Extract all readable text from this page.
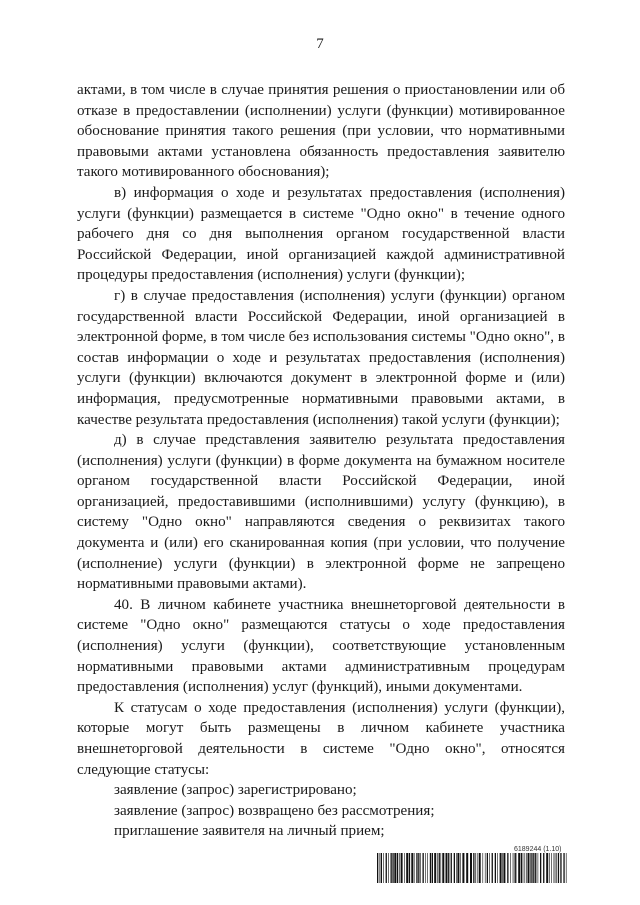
7

актами, в том числе в случае принятия решения о приостановлении или об отказе в предоставлении (исполнении) услуги (функции) мотивированное обоснование принятия такого решения (при условии, что нормативными правовыми актами установлена обязанность предоставления заявителю такого мотивированного обоснования);

в) информация о ходе и результатах предоставления (исполнения) услуги (функции) размещается в системе "Одно окно" в течение одного рабочего дня со дня выполнения органом государственной власти Российской Федерации, иной организацией каждой административной процедуры предоставления (исполнения) услуги (функции);

г) в случае предоставления (исполнения) услуги (функции) органом государственной власти Российской Федерации, иной организацией в электронной форме, в том числе без использования системы "Одно окно", в состав информации о ходе и результатах предоставления (исполнения) услуги (функции) включаются документ в электронной форме и (или) информация, предусмотренные нормативными правовыми актами, в качестве результата предоставления (исполнения) такой услуги (функции);

д) в случае представления заявителю результата предоставления (исполнения) услуги (функции) в форме документа на бумажном носителе органом государственной власти Российской Федерации, иной организацией, предоставившими (исполнившими) услугу (функцию), в систему "Одно окно" направляются сведения о реквизитах такого документа и (или) его сканированная копия (при условии, что получение (исполнение) услуги (функции) в электронной форме не запрещено нормативными правовыми актами).

40. В личном кабинете участника внешнеторговой деятельности в системе "Одно окно" размещаются статусы о ходе предоставления (исполнения) услуги (функции), соответствующие установленным нормативными правовыми актами административным процедурам предоставления (исполнения) услуг (функций), иными документами.

К статусам о ходе предоставления (исполнения) услуги (функции), которые могут быть размещены в личном кабинете участника внешнеторговой деятельности в системе "Одно окно", относятся следующие статусы:

заявление (запрос) зарегистрировано;

заявление (запрос) возвращено без рассмотрения;

приглашение заявителя на личный прием;

6189244 (1.10)
